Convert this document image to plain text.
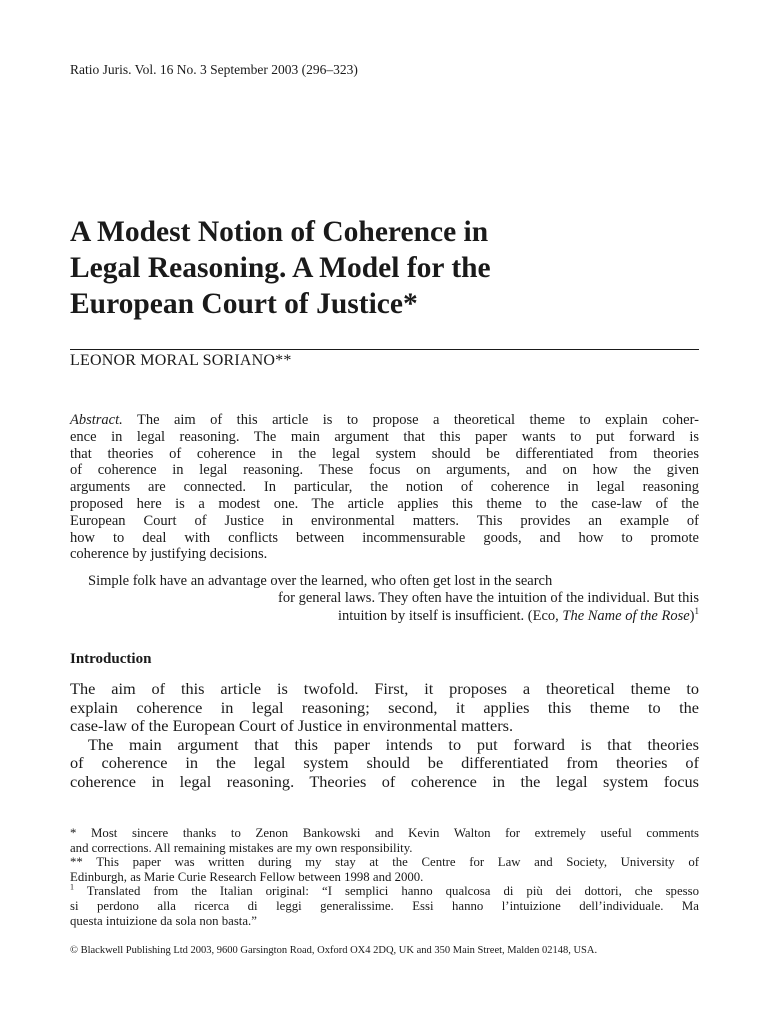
Ratio Juris. Vol. 16 No. 3 September 2003 (296–323)
A Modest Notion of Coherence in
Legal Reasoning. A Model for the
European Court of Justice*
LEONOR MORAL SORIANO**
Abstract. The aim of this article is to propose a theoretical theme to explain coher-
ence in legal reasoning. The main argument that this paper wants to put forward is
that theories of coherence in the legal system should be differentiated from theories
of coherence in legal reasoning. These focus on arguments, and on how the given
arguments are connected. In particular, the notion of coherence in legal reasoning
proposed here is a modest one. The article applies this theme to the case-law of the
European Court of Justice in environmental matters. This provides an example of
how to deal with conflicts between incommensurable goods, and how to promote
coherence by justifying decisions.
Simple folk have an advantage over the learned, who often get lost in the search
for general laws. They often have the intuition of the individual. But this
intuition by itself is insufficient. (Eco, The Name of the Rose)$^1$
Introduction
The aim of this article is twofold. First, it proposes a theoretical theme to
explain coherence in legal reasoning; second, it applies this theme to the
case-law of the European Court of Justice in environmental matters.
The main argument that this paper intends to put forward is that theories
of coherence in the legal system should be differentiated from theories of
coherence in legal reasoning. Theories of coherence in the legal system focus
* Most sincere thanks to Zenon Bankowski and Kevin Walton for extremely useful comments
and corrections. All remaining mistakes are my own responsibility.
** This paper was written during my stay at the Centre for Law and Society, University of
Edinburgh, as Marie Curie Research Fellow between 1998 and 2000.
$^1$ Translated from the Italian original: “I semplici hanno qualcosa di più dei dottori, che spesso
si perdono alla ricerca di leggi generalissime. Essi hanno l’intuizione dell’individuale. Ma
questa intuizione da sola non basta.”
© Blackwell Publishing Ltd 2003, 9600 Garsington Road, Oxford OX4 2DQ, UK and 350 Main Street, Malden 02148, USA.
